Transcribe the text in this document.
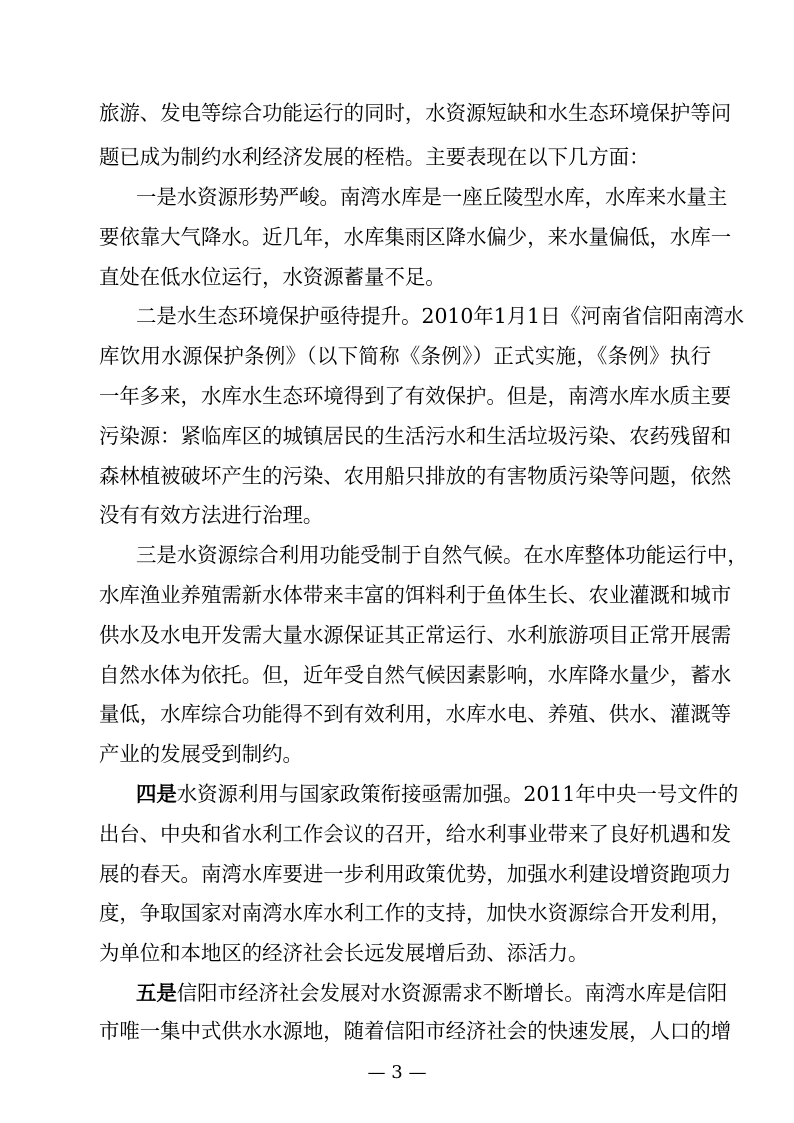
旅游、发电等综合功能运行的同时，水资源短缺和水生态环境保护等问
题已成为制约水利经济发展的桎梏。主要表现在以下几方面：
一是水资源形势严峻。南湾水库是一座丘陵型水库，水库来水量主
要依靠大气降水。近几年，水库集雨区降水偏少，来水量偏低，水库一
直处在低水位运行，水资源蓄量不足。
二是水生态环境保护亟待提升。2010年1月1日《河南省信阳南湾水
库饮用水源保护条例》（以下简称《条例》）正式实施，《条例》执行
一年多来，水库水生态环境得到了有效保护。但是，南湾水库水质主要
污染源：紧临库区的城镇居民的生活污水和生活垃圾污染、农药残留和
森林植被破坏产生的污染、农用船只排放的有害物质污染等问题，依然
没有有效方法进行治理。
三是水资源综合利用功能受制于自然气候。在水库整体功能运行中，
水库渔业养殖需新水体带来丰富的饵料利于鱼体生长、农业灌溉和城市
供水及水电开发需大量水源保证其正常运行、水利旅游项目正常开展需
自然水体为依托。但，近年受自然气候因素影响，水库降水量少，蓄水
量低，水库综合功能得不到有效利用，水库水电、养殖、供水、灌溉等
产业的发展受到制约。
四是水资源利用与国家政策衔接亟需加强。2011年中央一号文件的
出台、中央和省水利工作会议的召开，给水利事业带来了良好机遇和发
展的春天。南湾水库要进一步利用政策优势，加强水利建设增资跑项力
度，争取国家对南湾水库水利工作的支持，加快水资源综合开发利用，
为单位和本地区的经济社会长远发展增后劲、添活力。
五是信阳市经济社会发展对水资源需求不断增长。南湾水库是信阳
市唯一集中式供水水源地，随着信阳市经济社会的快速发展，人口的增
— 3 —
